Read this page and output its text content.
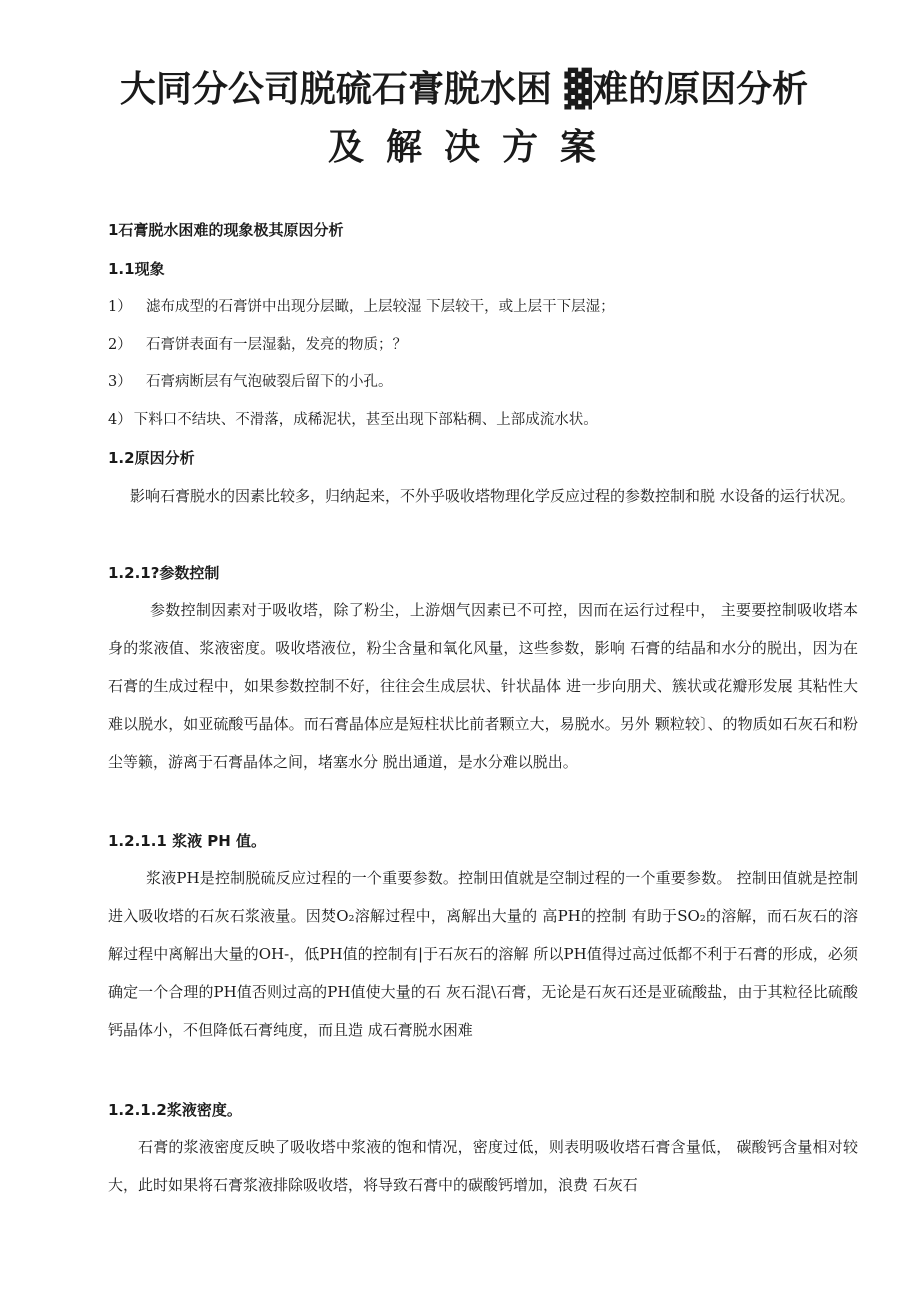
大同分公司脱硫石膏脱水困 ▓难的原因分析
及解决方案
1石膏脱水困难的现象极其原因分析
1.1现象
1） 滤布成型的石膏饼中出现分层瞰，上层较湿 下层较干，或上层干下层湿；
2） 石膏饼表面有一层湿黏，发亮的物质；？
3） 石膏病断层有气泡破裂后留下的小孔。
4） 下料口不结块、不滑落，成稀泥状，甚至出现下部粘稠、上部成流水状。
1.2原因分析
影响石膏脱水的因素比较多，归纳起来，不外乎吸收塔物理化学反应过程的参数控制和脱 水设备的运行状况。
1.2.1?参数控制
参数控制因素对于吸收塔，除了粉尘，上游烟气因素已不可控，因而在运行过程中， 主要要控制吸收塔本身的浆液值、浆液密度。吸收塔液位，粉尘含量和氧化风量，这些参数，影响 石膏的结晶和水分的脱出，因为在石膏的生成过程中，如果参数控制不好，往往会生成层状、针状晶体 进一步向朋犬、簇状或花瓣形发展 其粘性大难以脱水，如亚硫酸丐晶体。而石膏晶体应是短柱状比前者颗立大，易脱水。另外 颗粒较〕、的物质如石灰石和粉尘等籁，游离于石膏晶体之间，堵塞水分 脱出通道，是水分难以脱出。
1.2.1.1 浆液 PH 值。
浆液PH是控制脱硫反应过程的一个重要参数。控制田值就是空制过程的一个重要参数。 控制田值就是控制进入吸收塔的石灰石浆液量。因焚O₂溶解过程中，离解出大量的 高PH的控制 有助于SO₂的溶解，而石灰石的溶解过程中离解出大量的OH-，低PH值的控制有|于石灰石的溶解 所以PH值得过高过低都不利于石膏的形成，必须确定一个合理的PH值否则过高的PH值使大量的石 灰石混\石膏，无论是石灰石还是亚硫酸盐，由于其粒径比硫酸钙晶体小，不但降低石膏纯度，而且造 成石膏脱水困难
1.2.1.2浆液密度。
石膏的浆液密度反映了吸收塔中浆液的饱和情况，密度过低，则表明吸收塔石膏含量低， 碳酸钙含量相对较大，此时如果将石膏浆液排除吸收塔，将导致石膏中的碳酸钙增加，浪费 石灰石
